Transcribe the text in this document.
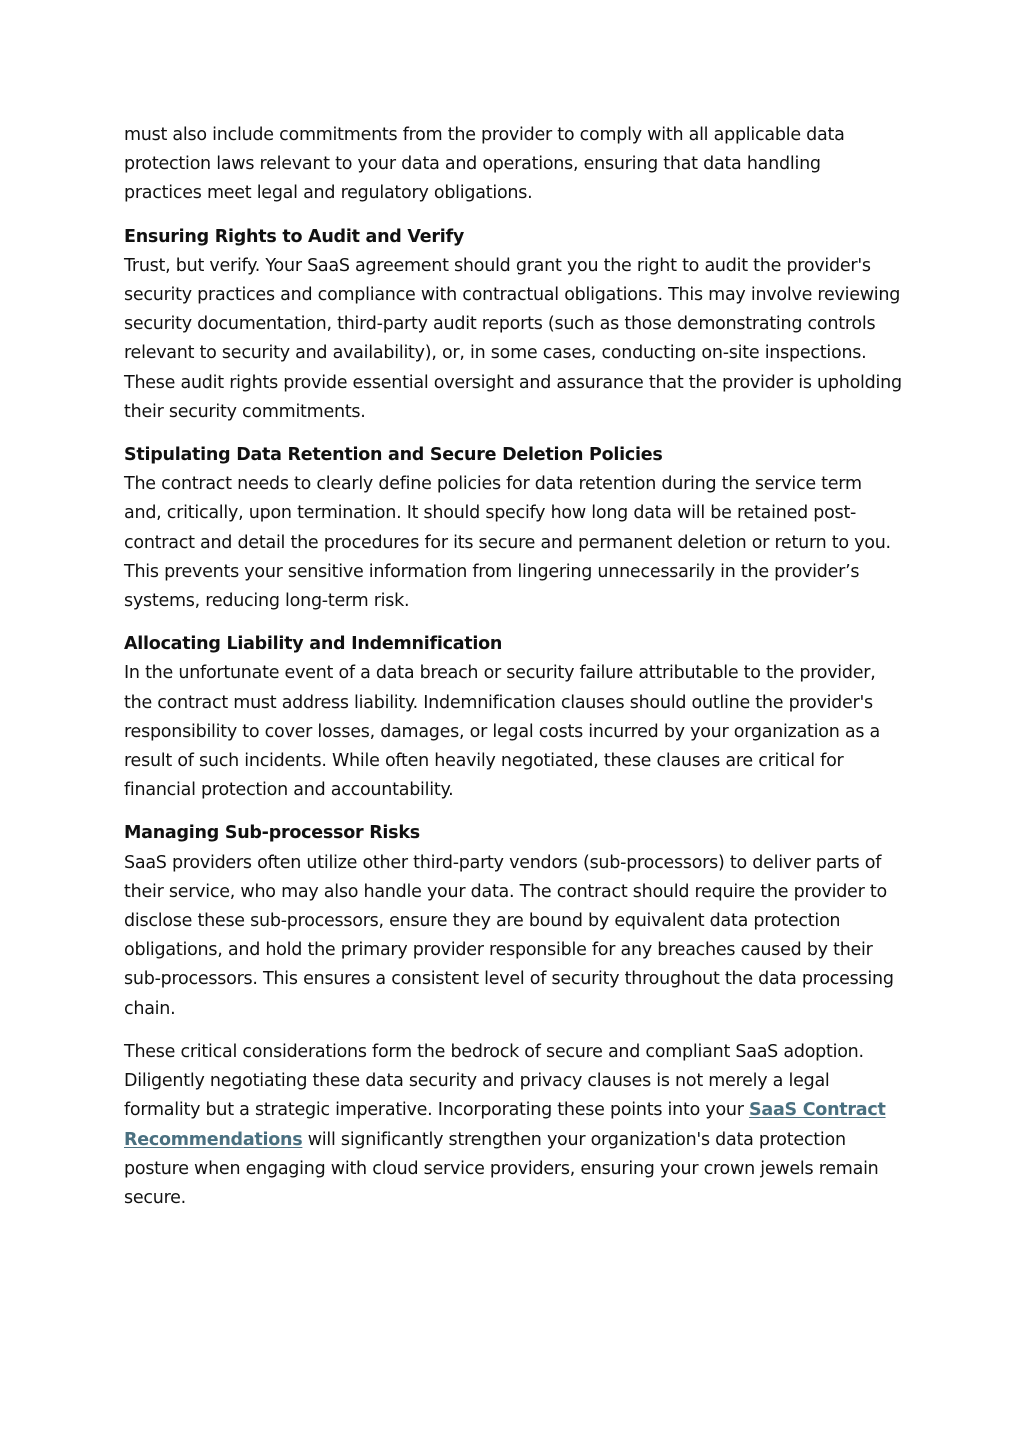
must also include commitments from the provider to comply with all applicable data protection laws relevant to your data and operations, ensuring that data handling practices meet legal and regulatory obligations.

Ensuring Rights to Audit and Verify
Trust, but verify. Your SaaS agreement should grant you the right to audit the provider's security practices and compliance with contractual obligations. This may involve reviewing security documentation, third-party audit reports (such as those demonstrating controls relevant to security and availability), or, in some cases, conducting on-site inspections. These audit rights provide essential oversight and assurance that the provider is upholding their security commitments.
Stipulating Data Retention and Secure Deletion Policies
The contract needs to clearly define policies for data retention during the service term and, critically, upon termination. It should specify how long data will be retained post-contract and detail the procedures for its secure and permanent deletion or return to you. This prevents your sensitive information from lingering unnecessarily in the provider’s systems, reducing long-term risk.
Allocating Liability and Indemnification
In the unfortunate event of a data breach or security failure attributable to the provider, the contract must address liability. Indemnification clauses should outline the provider's responsibility to cover losses, damages, or legal costs incurred by your organization as a result of such incidents. While often heavily negotiated, these clauses are critical for financial protection and accountability.
Managing Sub-processor Risks
SaaS providers often utilize other third-party vendors (sub-processors) to deliver parts of their service, who may also handle your data. The contract should require the provider to disclose these sub-processors, ensure they are bound by equivalent data protection obligations, and hold the primary provider responsible for any breaches caused by their sub-processors. This ensures a consistent level of security throughout the data processing chain.

These critical considerations form the bedrock of secure and compliant SaaS adoption. Diligently negotiating these data security and privacy clauses is not merely a legal formality but a strategic imperative. Incorporating these points into your SaaS Contract Recommendations will significantly strengthen your organization's data protection posture when engaging with cloud service providers, ensuring your crown jewels remain secure.
